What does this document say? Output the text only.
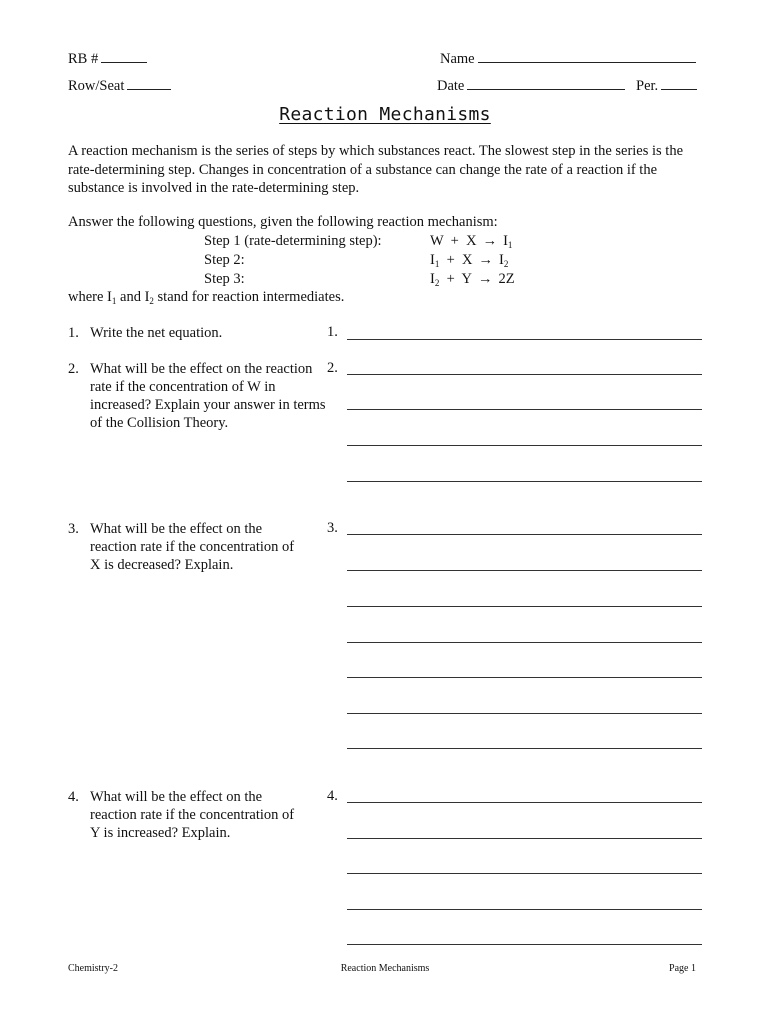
RB #
Row/Seat
Name
Date	Per.
Reaction Mechanisms
A reaction mechanism is the series of steps by which substances react. The slowest step in the series is the rate-determining step. Changes in concentration of a substance can change the rate of a reaction if the substance is involved in the rate-determining step.
Answer the following questions, given the following reaction mechanism:
Step 1 (rate-determining step):	$W + X \to I_1$
Step 2:	$I_1 + X \to I_2$
Step 3:	$I_2 + Y \to 2Z$
where $I_1$ and $I_2$ stand for reaction intermediates.
1. Write the net equation.	1.
2. What will be the effect on the reaction rate if the concentration of W in increased? Explain your answer in terms of the Collision Theory.
2.
3. What will be the effect on the reaction rate if the concentration of X is decreased? Explain.
3.
4. What will be the effect on the reaction rate if the concentration of Y is increased? Explain.
4.
Chemistry-2	Reaction Mechanisms	Page 1
